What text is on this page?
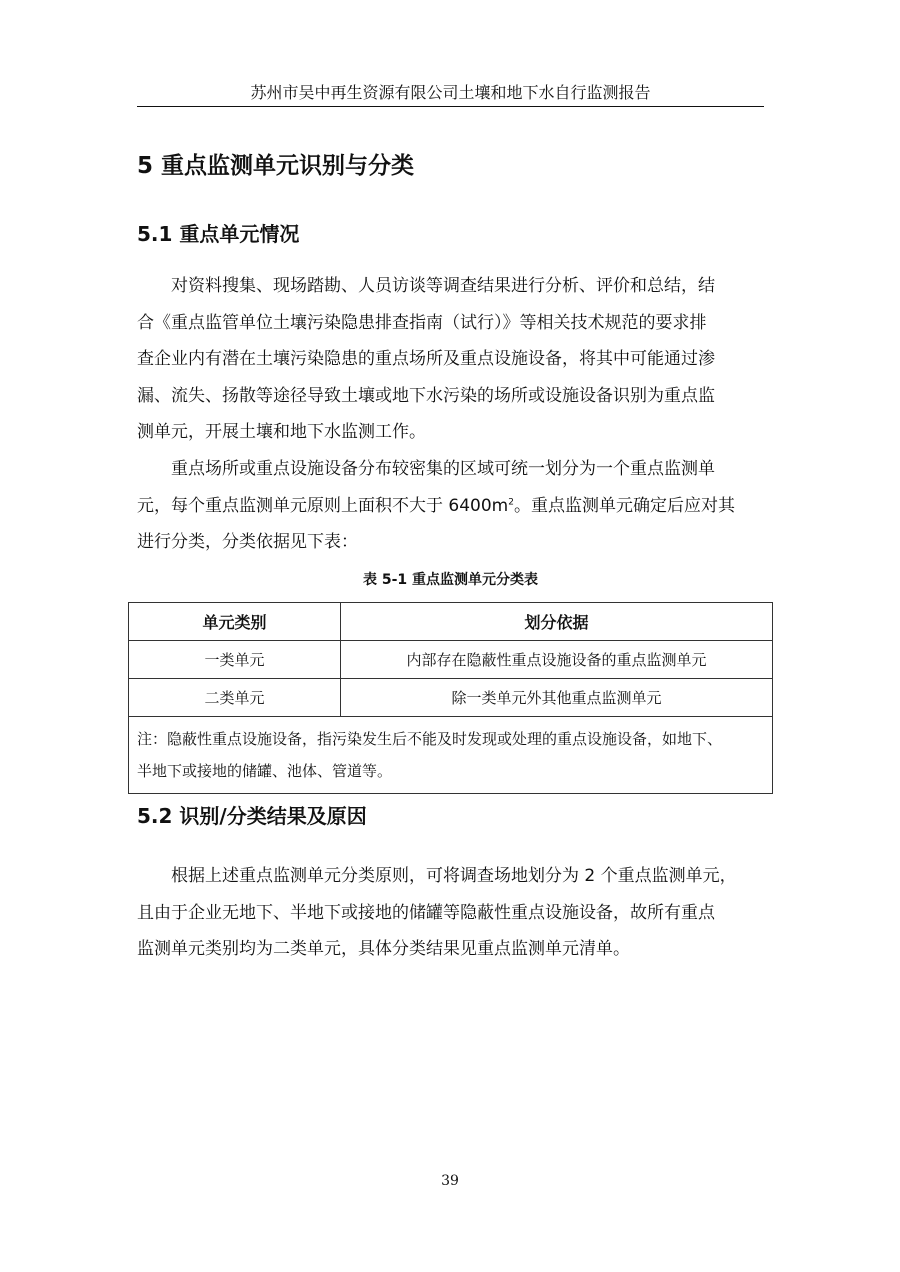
苏州市吴中再生资源有限公司土壤和地下水自行监测报告
5 重点监测单元识别与分类
5.1 重点单元情况

对资料搜集、现场踏勘、人员访谈等调查结果进行分析、评价和总结，结
合《重点监管单位土壤污染隐患排查指南（试行）》等相关技术规范的要求排
查企业内有潜在土壤污染隐患的重点场所及重点设施设备，将其中可能通过渗
漏、流失、扬散等途径导致土壤或地下水污染的场所或设施设备识别为重点监
测单元，开展土壤和地下水监测工作。

重点场所或重点设施设备分布较密集的区域可统一划分为一个重点监测单
元，每个重点监测单元原则上面积不大于 $6400m^2$。重点监测单元确定后应对其
进行分类，分类依据见下表：

表 5-1 重点监测单元分类表
单元类别	划分依据
一类单元	内部存在隐蔽性重点设施设备的重点监测单元
二类单元	除一类单元外其他重点监测单元

注：隐蔽性重点设施设备，指污染发生后不能及时发现或处理的重点设施设备，如地下、
半地下或接地的储罐、池体、管道等。	
5.2 识别/分类结果及原因

根据上述重点监测单元分类原则，可将调查场地划分为 2 个重点监测单元，
且由于企业无地下、半地下或接地的储罐等隐蔽性重点设施设备，故所有重点
监测单元类别均为二类单元，具体分类结果见重点监测单元清单。

39
